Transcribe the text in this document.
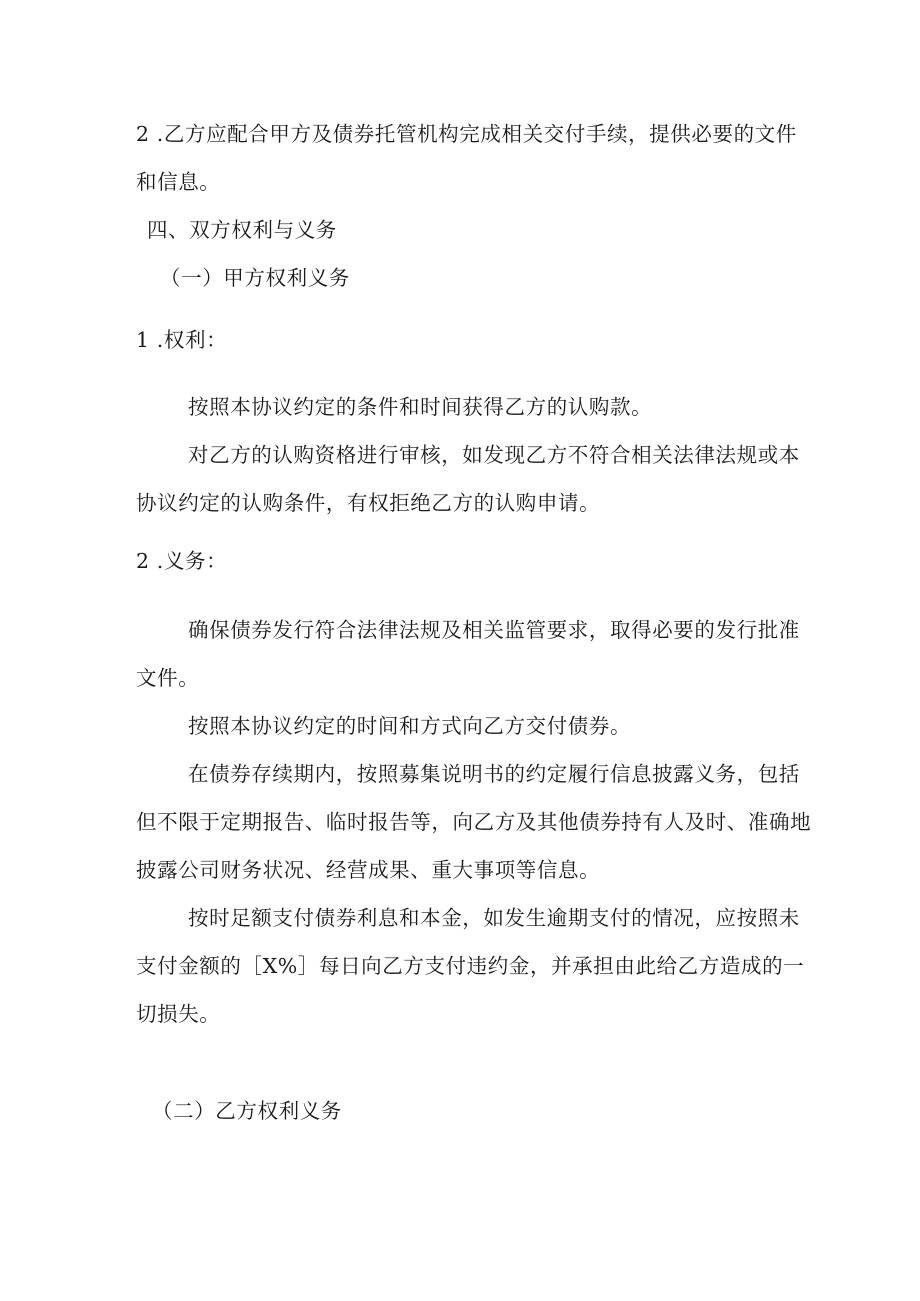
2 .乙方应配合甲方及债券托管机构完成相关交付手续，提供必要的文件
和信息。
四、双方权利与义务
（一）甲方权利义务
1 .权利：
按照本协议约定的条件和时间获得乙方的认购款。
对乙方的认购资格进行审核，如发现乙方不符合相关法律法规或本
协议约定的认购条件，有权拒绝乙方的认购申请。
2 .义务：
确保债券发行符合法律法规及相关监管要求，取得必要的发行批准
文件。
按照本协议约定的时间和方式向乙方交付债券。
在债券存续期内，按照募集说明书的约定履行信息披露义务，包括
但不限于定期报告、临时报告等，向乙方及其他债券持有人及时、准确地
披露公司财务状况、经营成果、重大事项等信息。
按时足额支付债券利息和本金，如发生逾期支付的情况，应按照未
支付金额的［X%］每日向乙方支付违约金，并承担由此给乙方造成的一
切损失。
（二）乙方权利义务
